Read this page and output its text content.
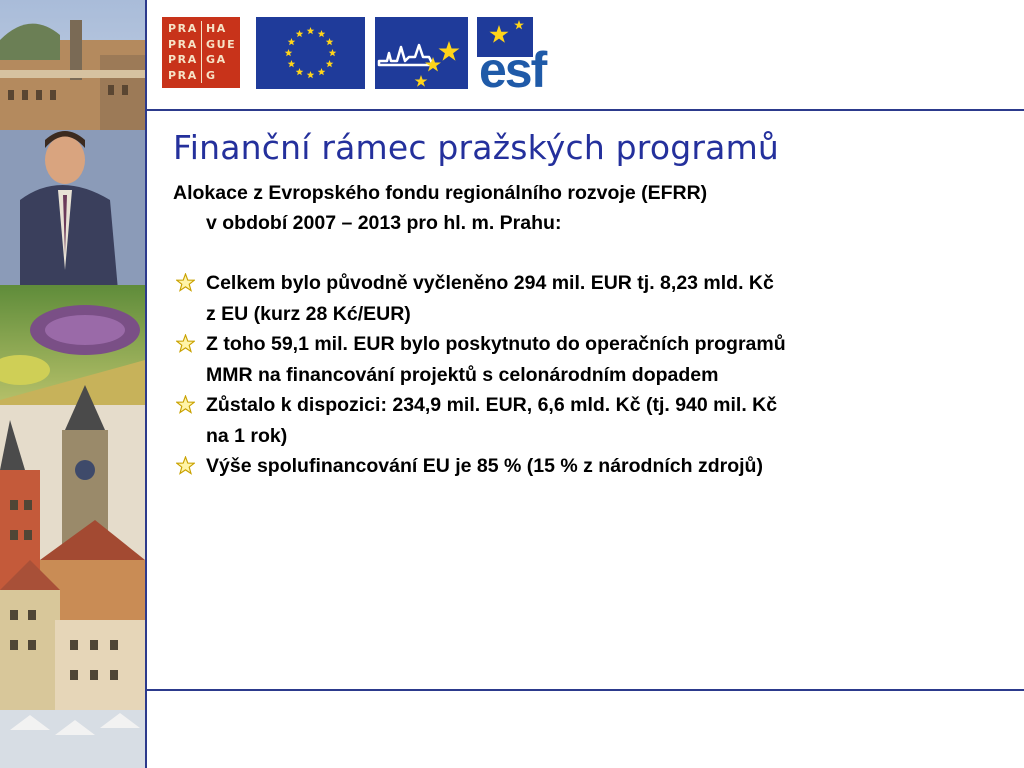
PRA HA
PRA GUE
PRA GA
PRA G	esf
Finanční rámec pražských programů
Alokace z Evropského fondu regionálního rozvoje (EFRR)
v období 2007 – 2013 pro hl. m. Prahu:
Celkem bylo původně vyčleněno 294 mil. EUR tj. 8,23 mld. Kč
z EU (kurz 28 Kć/EUR)
Z toho 59,1 mil. EUR bylo poskytnuto do operačních programů
MMR na financování projektů s celonárodním dopadem
Zůstalo k dispozici: 234,9 mil. EUR, 6,6 mld. Kč (tj. 940 mil. Kč
na 1 rok)
Výše spolufinancování EU je 85 % (15 % z národních zdrojů)
